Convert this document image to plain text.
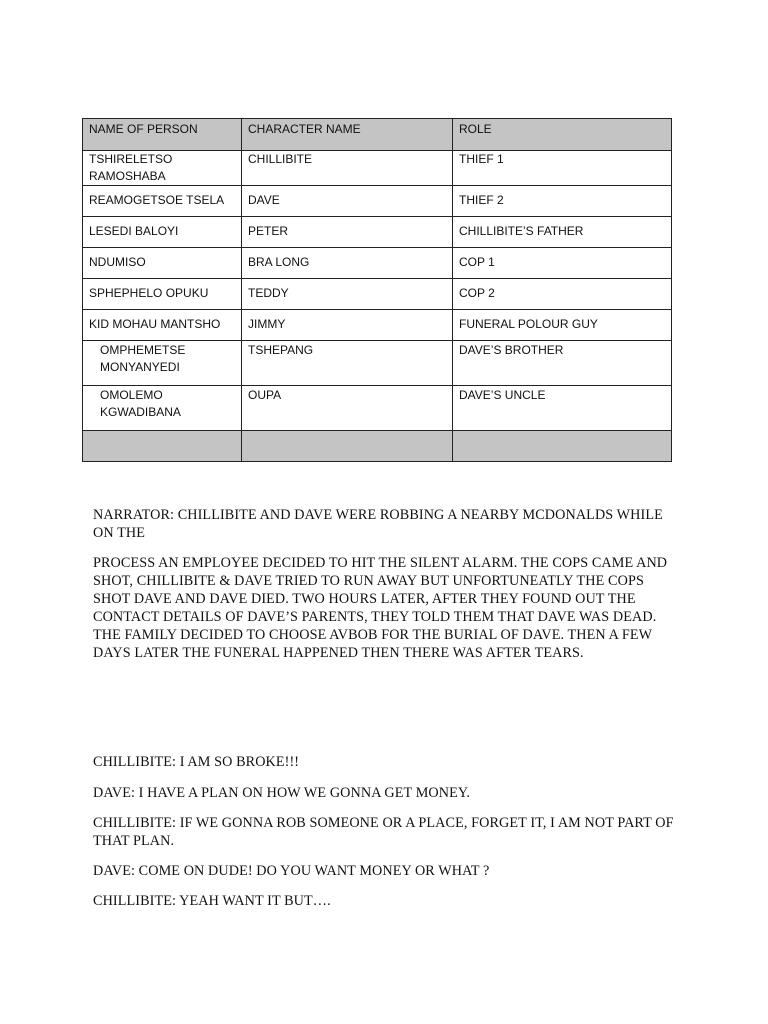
NAME OF PERSON	CHARACTER NAME	ROLE
TSHIRELETSO RAMOSHABA	CHILLIBITE	THIEF 1
REAMOGETSOE TSELA	DAVE	THIEF 2
LESEDI BALOYI	PETER	CHILLIBITE’S FATHER
NDUMISO	BRA LONG	COP 1
SPHEPHELO OPUKU	TEDDY	COP 2
KID MOHAU MANTSHO	JIMMY	FUNERAL POLOUR GUY
OMPHEMETSE MONYANYEDI	TSHEPANG	DAVE’S BROTHER
OMOLEMO KGWADIBANA	OUPA	DAVE’S UNCLE

NARRATOR: CHILLIBITE AND DAVE WERE ROBBING A NEARBY MCDONALDS WHILE ON THE

PROCESS AN EMPLOYEE DECIDED TO HIT THE SILENT ALARM. THE COPS CAME AND SHOT, CHILLIBITE & DAVE TRIED TO RUN AWAY BUT UNFORTUNEATLY THE COPS SHOT DAVE AND DAVE DIED. TWO HOURS LATER, AFTER THEY FOUND OUT THE CONTACT DETAILS OF DAVE’S PARENTS, THEY TOLD THEM THAT DAVE WAS DEAD. THE FAMILY DECIDED TO CHOOSE AVBOB FOR THE BURIAL OF DAVE. THEN A FEW DAYS LATER THE FUNERAL HAPPENED THEN THERE WAS AFTER TEARS.

CHILLIBITE: I AM SO BROKE!!!
DAVE: I HAVE A PLAN ON HOW WE GONNA GET MONEY.
CHILLIBITE: IF WE GONNA ROB SOMEONE OR A PLACE, FORGET IT, I AM NOT PART OF THAT PLAN.
DAVE: COME ON DUDE! DO YOU WANT MONEY OR WHAT ?
CHILLIBITE: YEAH WANT IT BUT….
